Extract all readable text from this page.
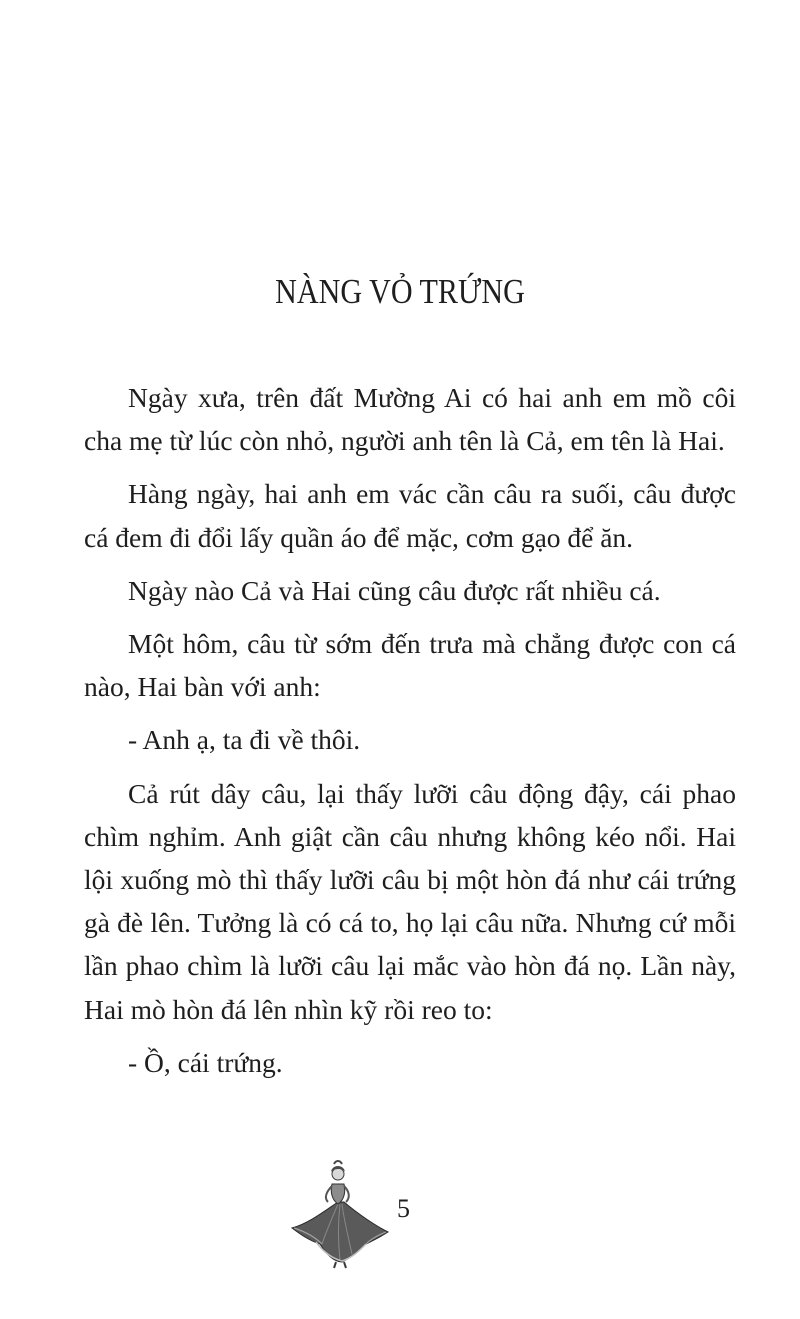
NÀNG VỎ TRỨNG

Ngày xưa, trên đất Mường Ai có hai anh em mồ côi cha mẹ từ lúc còn nhỏ, người anh tên là Cả, em tên là Hai.

Hàng ngày, hai anh em vác cần câu ra suối, câu được cá đem đi đổi lấy quần áo để mặc, cơm gạo để ăn.

Ngày nào Cả và Hai cũng câu được rất nhiều cá.

Một hôm, câu từ sớm đến trưa mà chẳng được con cá nào, Hai bàn với anh:

- Anh ạ, ta đi về thôi.

Cả rút dây câu, lại thấy lưỡi câu động đậy, cái phao chìm nghỉm. Anh giật cần câu nhưng không kéo nổi. Hai lội xuống mò thì thấy lưỡi câu bị một hòn đá như cái trứng gà đè lên. Tưởng là có cá to, họ lại câu nữa. Nhưng cứ mỗi lần phao chìm là lưỡi câu lại mắc vào hòn đá nọ. Lần này, Hai mò hòn đá lên nhìn kỹ rồi reo to:

- Ồ, cái trứng.

5
